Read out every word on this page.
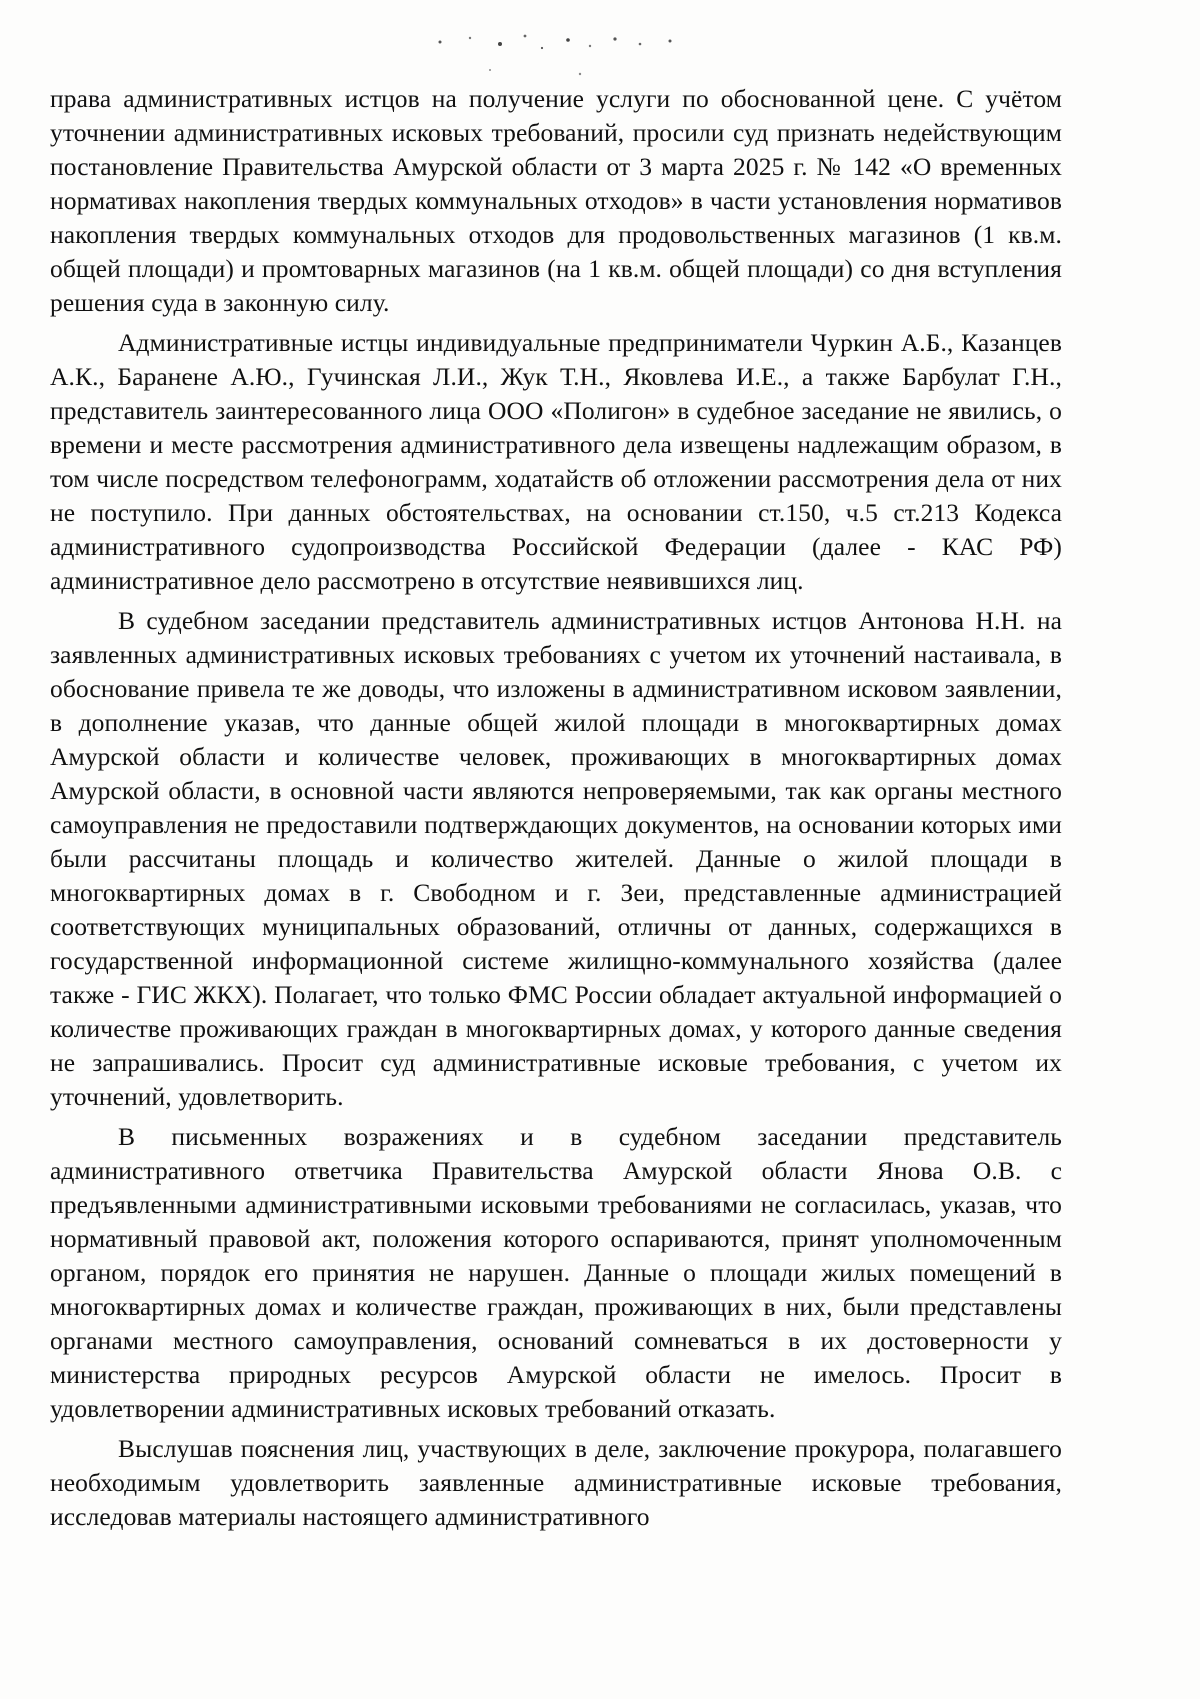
права административных истцов на получение услуги по обоснованной цене. С учётом уточнении административных исковых требований, просили суд признать недействующим постановление Правительства Амурской области от 3 марта 2025 г. № 142 «О временных нормативах накопления твердых коммунальных отходов» в части установления нормативов накопления твердых коммунальных отходов для продовольственных магазинов (1 кв.м. общей площади) и промтоварных магазинов (на 1 кв.м. общей площади) со дня вступления решения суда в законную силу.

Административные истцы индивидуальные предприниматели Чуркин А.Б., Казанцев А.К., Баранене А.Ю., Гучинская Л.И., Жук Т.Н., Яковлева И.Е., а также Барбулат Г.Н., представитель заинтересованного лица ООО «Полигон» в судебное заседание не явились, о времени и месте рассмотрения административного дела извещены надлежащим образом, в том числе посредством телефонограмм, ходатайств об отложении рассмотрения дела от них не поступило. При данных обстоятельствах, на основании ст.150, ч.5 ст.213 Кодекса административного судопроизводства Российской Федерации (далее - КАС РФ) административное дело рассмотрено в отсутствие неявившихся лиц.

В судебном заседании представитель административных истцов Антонова Н.Н. на заявленных административных исковых требованиях с учетом их уточнений настаивала, в обоснование привела те же доводы, что изложены в административном исковом заявлении, в дополнение указав, что данные общей жилой площади в многоквартирных домах Амурской области и количестве человек, проживающих в многоквартирных домах Амурской области, в основной части являются непроверяемыми, так как органы местного самоуправления не предоставили подтверждающих документов, на основании которых ими были рассчитаны площадь и количество жителей. Данные о жилой площади в многоквартирных домах в г. Свободном и г. Зеи, представленные администрацией соответствующих муниципальных образований, отличны от данных, содержащихся в государственной информационной системе жилищно-коммунального хозяйства (далее также - ГИС ЖКХ). Полагает, что только ФМС России обладает актуальной информацией о количестве проживающих граждан в многоквартирных домах, у которого данные сведения не запрашивались. Просит суд административные исковые требования, с учетом их уточнений, удовлетворить.

В письменных возражениях и в судебном заседании представитель административного ответчика Правительства Амурской области Янова О.В. с предъявленными административными исковыми требованиями не согласилась, указав, что нормативный правовой акт, положения которого оспариваются, принят уполномоченным органом, порядок его принятия не нарушен. Данные о площади жилых помещений в многоквартирных домах и количестве граждан, проживающих в них, были представлены органами местного самоуправления, оснований сомневаться в их достоверности у министерства природных ресурсов Амурской области не имелось. Просит в удовлетворении административных исковых требований отказать.

Выслушав пояснения лиц, участвующих в деле, заключение прокурора, полагавшего необходимым удовлетворить заявленные административные исковые требования, исследовав материалы настоящего административного
